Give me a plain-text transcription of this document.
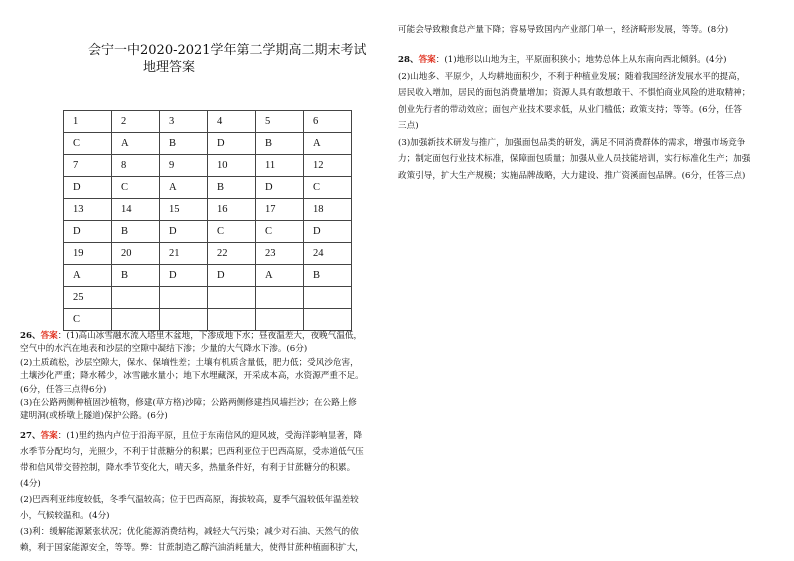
会宁一中2020-2021学年第二学期高二期末考试
地理答案
1	2	3	4	5	6
C	A	B	D	B	A
7	8	9	10	11	12
D	C	A	B	D	C
13	14	15	16	17	18
D	B	D	C	C	D
19	20	21	22	23	24
A	B	D	D	A	B
25					
C					

26、答案：(1)高山冰雪融水流入塔里木盆地，下渗成地下水；昼夜温差大，夜晚气温低，

空气中的水汽在地表和沙层的空隙中凝结下渗；少量的大气降水下渗。(6分)

(2)土质疏松，沙层空隙大，保水、保墒性差；土壤有机质含量低，肥力低；受风沙危害，

土壤沙化严重；降水稀少，冰雪融水量小；地下水埋藏深，开采成本高，水资源严重不足。

(6分，任答三点得6分)

(3)在公路两侧种植固沙植物，修建(草方格)沙障；公路两侧修建挡风墙拦沙；在公路上修

建明洞(或桥墩上隧道)保护公路。(6分)

27、答案：(1)里约热内卢位于沿海平原，且位于东南信风的迎风坡，受海洋影响显著，降

水季节分配均匀，光照少，不利于甘蔗糖分的积累；巴西利亚位于巴西高原，受赤道低气压

带和信风带交替控制，降水季节变化大，晴天多，热量条件好，有利于甘蔗糖分的积累。

(4分)

(2)巴西利亚纬度较低，冬季气温较高；位于巴西高原，海拔较高，夏季气温较低年温差较

小，气候较温和。(4分)

(3)利：缓解能源紧张状况；优化能源消费结构，减轻大气污染；减少对石油、天然气的依

赖，利于国家能源安全，等等。弊：甘蔗制造乙醇汽油消耗量大，使得甘蔗种植面积扩大，

可能会导致粮食总产量下降；容易导致国内产业部门单一，经济畸形发展，等等。(8分)

28、答案：(1)地形以山地为主，平原面积狭小；地势总体上从东南向西北倾斜。(4分)

(2)山地多、平原少，人均耕地面积少，不利于种植业发展；随着我国经济发展水平的提高，

居民收入增加，居民的面包消费量增加；资源人具有敢想敢干、不惧怕商业风险的进取精神；

创业先行者的带动效应；面包产业技术要求低，从业门槛低；政策支持；等等。(6分，任答

三点)

(3)加强新技术研发与推广，加强面包品类的研发，满足不同消费群体的需求，增强市场竞争

力；制定面包行业技术标准，保障面包质量；加强从业人员技能培训，实行标准化生产；加强

政策引导，扩大生产规模；实施品牌战略，大力建设、推广资溪面包品牌。(6分，任答三点)
